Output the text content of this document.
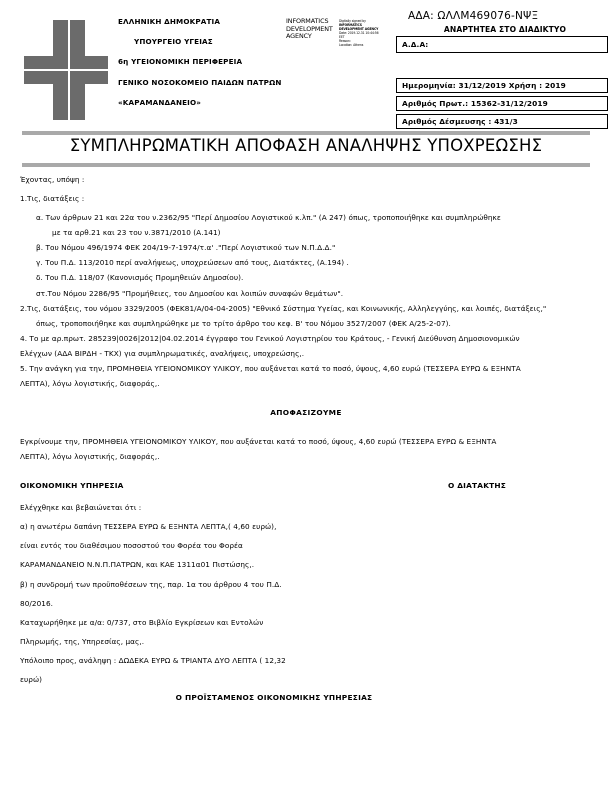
ΕΛΛΗΝΙΚΗ ΔΗΜΟΚΡΑΤΙΑ
ΥΠΟΥΡΓΕΙΟ ΥΓΕΙΑΣ
6η ΥΓΕΙΟΝΟΜΙΚΗ ΠΕΡΙΦΕΡΕΙΑ
ΓΕΝΙΚΟ ΝΟΣΟΚΟΜΕΙΟ ΠΑΙΔΩΝ ΠΑΤΡΩΝ
«ΚΑΡΑΜΑΝΔΑΝΕΙΟ»
INFORMATICS DEVELOPMENT AGENCY
Digitally signed by
INFORMATICS
DEVELOPMENT AGENCY
Date: 2019.12.31 10:44:56
EET
Reason:
Location: Athens
ΑΔΑ: ΩΛΛΜ469076-ΝΨΞ
ΑΝΑΡΤΗΤΕΑ ΣΤΟ ΔΙΑΔΙΚΤΥΟ
Α.Δ.Α:
Ημερομηνία: 31/12/2019 Χρήση : 2019
Αριθμός Πρωτ.: 15362-31/12/2019
Αριθμός Δέσμευσης : 431/3
ΣΥΜΠΛΗΡΩΜΑΤΙΚΗ ΑΠΟΦΑΣΗ ΑΝΑΛΗΨΗΣ ΥΠΟΧΡΕΩΣΗΣ
Έχοντας, υπόψη :
1.Τις, διατάξεις :
α. Των άρθρων 21 και 22α του ν.2362/95 "Περί Δημοσίου Λογιστικού κ.λπ." (Α 247) όπως, τροποποιήθηκε και συμπληρώθηκε
με τα αρθ.21 και 23 του ν.3871/2010 (Α.141)
β. Του Νόμου 496/1974 ΦΕΚ 204/19-7-1974/τ.α' ."Περί Λογιστικού των Ν.Π.Δ.Δ."
γ. Του Π.Δ. 113/2010 περί αναλήψεως, υποχρεώσεων από τους, Διατάκτες, (Α.194) .
δ. Του Π.Δ. 118/07 (Κανονισμός Προμηθειών Δημοσίου).
στ.Του Νόμου 2286/95 "Προμήθειες, του Δημοσίου και λοιπών συναφών θεμάτων".
2.Τις, διατάξεις, του νόμου 3329/2005 (ΦΕΚ81/Α/04-04-2005) "Εθνικό Σύστημα Υγείας, και Κοινωνικής, Αλληλεγγύης, και λοιπές, διατάξεις,"
όπως, τροποποιήθηκε και συμπληρώθηκε με το τρίτο άρθρο του κεφ. Β' του Νόμου 3527/2007 (ΦΕΚ Α/25-2-07).
4. Το με αρ.πρωτ. 285239|0026|2012|04.02.2014 έγγραφο του Γενικού Λογιστηρίου του Κράτους, - Γενική Διεύθυνση Δημοσιονομικών
Ελέγχων (ΑΔΑ ΒΙΡΔΗ - ΤΚΧ) για συμπληρωματικές, αναλήψεις, υποχρεώσης,.
5. Την ανάγκη για την, ΠΡΟΜΗΘΕΙΑ ΥΓΕΙΟΝΟΜΙΚΟΥ ΥΛΙΚΟΥ, που αυξάνεται κατά το ποσό, ύψους, 4,60 ευρώ (ΤΕΣΣΕΡΑ ΕΥΡΩ & ΕΞΗΝΤΑ
ΛΕΠΤΑ), λόγω λογιστικής, διαφοράς,.
ΑΠΟΦΑΣΙΖΟΥΜΕ
Εγκρίνουμε την, ΠΡΟΜΗΘΕΙΑ ΥΓΕΙΟΝΟΜΙΚΟΥ ΥΛΙΚΟΥ, που αυξάνεται κατά το ποσό, ύψους, 4,60 ευρώ (ΤΕΣΣΕΡΑ ΕΥΡΩ & ΕΞΗΝΤΑ
ΛΕΠΤΑ), λόγω λογιστικής, διαφοράς,.
ΟΙΚΟΝΟΜΙΚΗ ΥΠΗΡΕΣΙΑ	Ο ΔΙΑΤΑΚΤΗΣ
Ελέγχθηκε και βεβαιώνεται ότι :
α) η ανωτέρω δαπάνη ΤΕΣΣΕΡΑ ΕΥΡΩ & ΕΞΗΝΤΑ ΛΕΠΤΑ,( 4,60 ευρώ),
είναι εντός του διαθέσιμου ποσοστού του Φορέα του Φορέα
ΚΑΡΑΜΑΝΔΑΝΕΙΟ Ν.Ν.Π.ΠΑΤΡΩΝ, και ΚΑΕ 1311α01 Πιστώσης,.
β) η συνδρομή των προϋποθέσεων της, παρ. 1α του άρθρου 4 του Π.Δ.
80/2016.
Καταχωρήθηκε με α/α: 0/737, στο Βιβλίο Εγκρίσεων και Εντολών
Πληρωμής, της, Υπηρεσίας, μας,.
Υπόλοιπο προς, ανάληψη : ΔΩΔΕΚΑ ΕΥΡΩ & ΤΡΙΑΝΤΑ ΔΥΟ ΛΕΠΤΑ ( 12,32
ευρώ)
Ο ΠΡΟΪΣΤΑΜΕΝΟΣ ΟΙΚΟΝΟΜΙΚΗΣ ΥΠΗΡΕΣΙΑΣ
